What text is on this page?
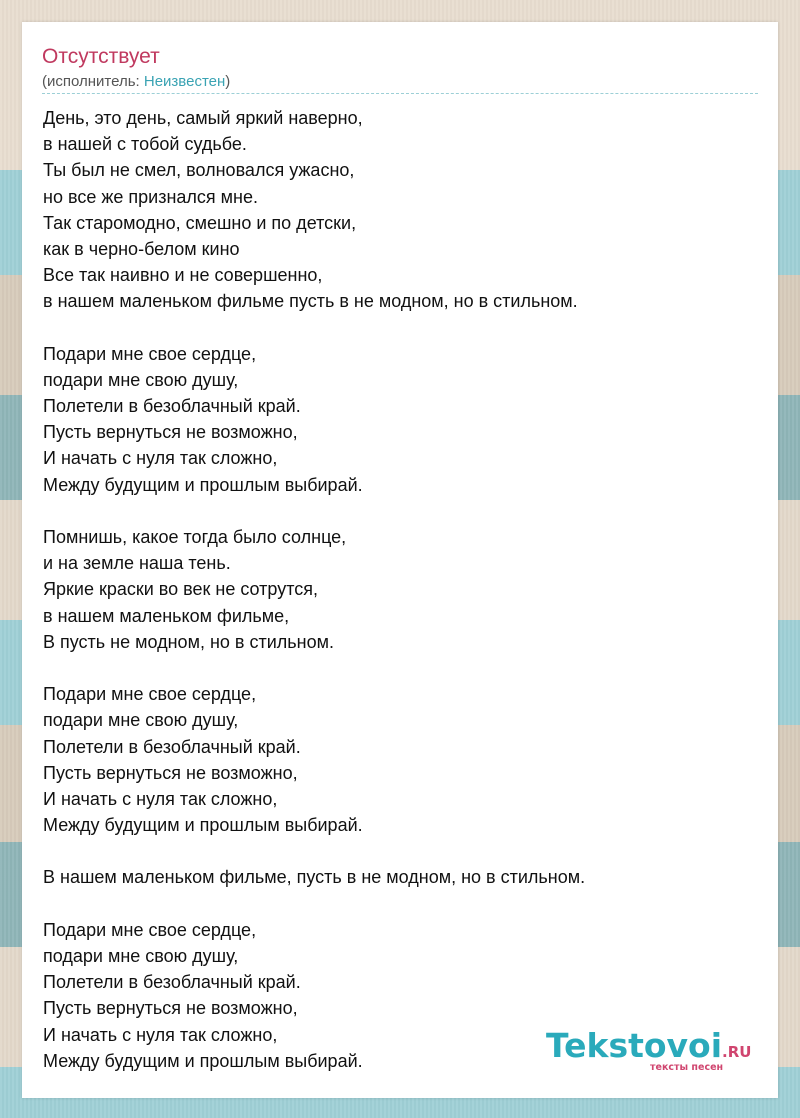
Отсутствует
(исполнитель: Неизвестен)
День, это день, самый яркий наверно,
в нашей с тобой судьбе.
Ты был не смел, волновался ужасно,
но все же признался мне.
Так старомодно, смешно и по детски,
как в черно-белом кино
Все так наивно и не совершенно,
в нашем маленьком фильме пусть в не модном, но в стильном.
Подари мне свое сердце,
подари мне свою душу,
Полетели в безоблачный край.
Пусть вернуться не возможно,
И начать с нуля так сложно,
Между будущим и прошлым выбирай.
Помнишь, какое тогда было солнце,
и на земле наша тень.
Яркие краски во век не сотрутся,
в нашем маленьком фильме,
В пусть не модном, но в стильном.
Подари мне свое сердце,
подари мне свою душу,
Полетели в безоблачный край.
Пусть вернуться не возможно,
И начать с нуля так сложно,
Между будущим и прошлым выбирай.
В нашем маленьком фильме, пусть в не модном, но в стильном.
Подари мне свое сердце,
подари мне свою душу,
Полетели в безоблачный край.
Пусть вернуться не возможно,
И начать с нуля так сложно,
Между будущим и прошлым выбирай.	Tekstovoi.RU
тексты песен
